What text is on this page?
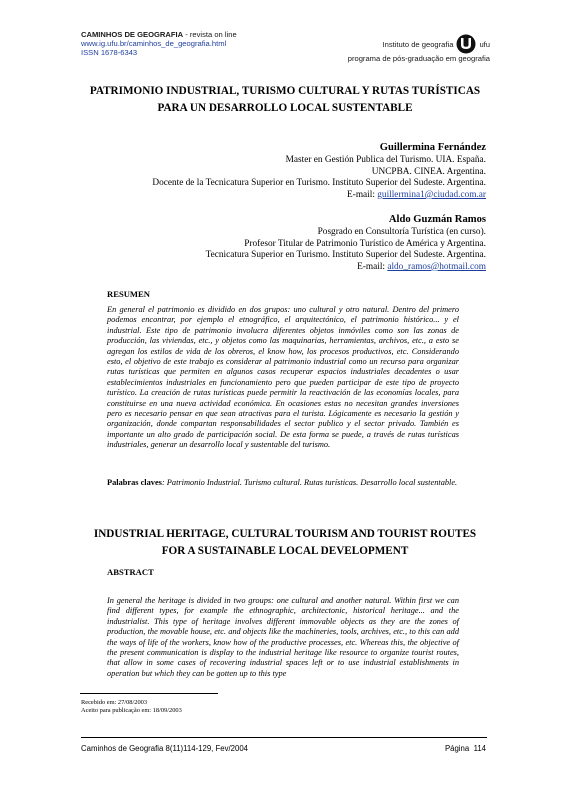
CAMINHOS DE GEOGRAFIA - revista on line
www.ig.ufu.br/caminhos_de_geografia.html
ISSN 1678-6343
Instituto de geografia	ufu
programa de pós-graduação em geografia
PATRIMONIO INDUSTRIAL, TURISMO CULTURAL Y RUTAS TURÍSTICAS
PARA UN DESARROLLO LOCAL SUSTENTABLE
Guillermina Fernández
Master en Gestión Publica del Turismo. UIA. España.
UNCPBA. CINEA. Argentina.
Docente de la Tecnicatura Superior en Turismo. Instituto Superior del Sudeste. Argentina.
E-mail: guillermina1@ciudad.com.ar
Aldo Guzmán Ramos
Posgrado en Consultoría Turística (en curso).
Profesor Titular de Patrimonio Turístico de América y Argentina.
Tecnicatura Superior en Turismo. Instituto Superior del Sudeste. Argentina.
E-mail: aldo_ramos@hotmail.com
RESUMEN
En general el patrimonio es dividido en dos grupos: uno cultural y otro natural. Dentro del primero podemos encontrar, por ejemplo el etnográfico, el arquitectónico, el patrimonio histórico... y el industrial. Este tipo de patrimonio involucra diferentes objetos inmóviles como son las zonas de producción, las viviendas, etc., y objetos como las maquinarias, herramientas, archivos, etc., a esto se agregan los estilos de vida de los obreros, el know how, los procesos productivos, etc. Considerando esto, el objetivo de este trabajo es considerar al patrimonio industrial como un recurso para organizar rutas turísticas que permiten en algunos casos recuperar espacios industriales decadentes o usar establecimientos industriales en funcionamiento pero que pueden participar de este tipo de proyecto turístico. La creación de rutas turísticas puede permitir la reactivación de las economías locales, para constituirse en una nueva actividad económica. En ocasiones estas no necesitan grandes inversiones pero es necesario pensar en que sean atractivas para el turista. Lógicamente es necesario la gestión y organización, donde compartan responsabilidades el sector publico y el sector privado. También es importante un alto grado de participación social. De esta forma se puede, a través de rutas turísticas industriales, generar un desarrollo local y sustentable del turismo.
Palabras claves: Patrimonio Industrial. Turismo cultural. Rutas turísticas. Desarrollo local sustentable.
INDUSTRIAL HERITAGE, CULTURAL TOURISM AND TOURIST ROUTES
FOR A SUSTAINABLE LOCAL DEVELOPMENT
ABSTRACT
In general the heritage is divided in two groups: one cultural and another natural. Within first we can find different types, for example the ethnographic, architectonic, historical heritage... and the industrialist. This type of heritage involves different immovable objects as they are the zones of production, the movable house, etc. and objects like the machineries, tools, archives, etc., to this can add the ways of life of the workers, know how of the productive processes, etc. Whereas this, the objective of the present communication is display to the industrial heritage like resource to organize tourist routes, that allow in some cases of recovering industrial spaces left or to use industrial establishments in operation but which they can be gotten up to this type
Recebido em: 27/08/2003
Aceito para publicação em: 18/09/2003
Caminhos de Geografia 8(11)114-129, Fev/2004	Página 114
